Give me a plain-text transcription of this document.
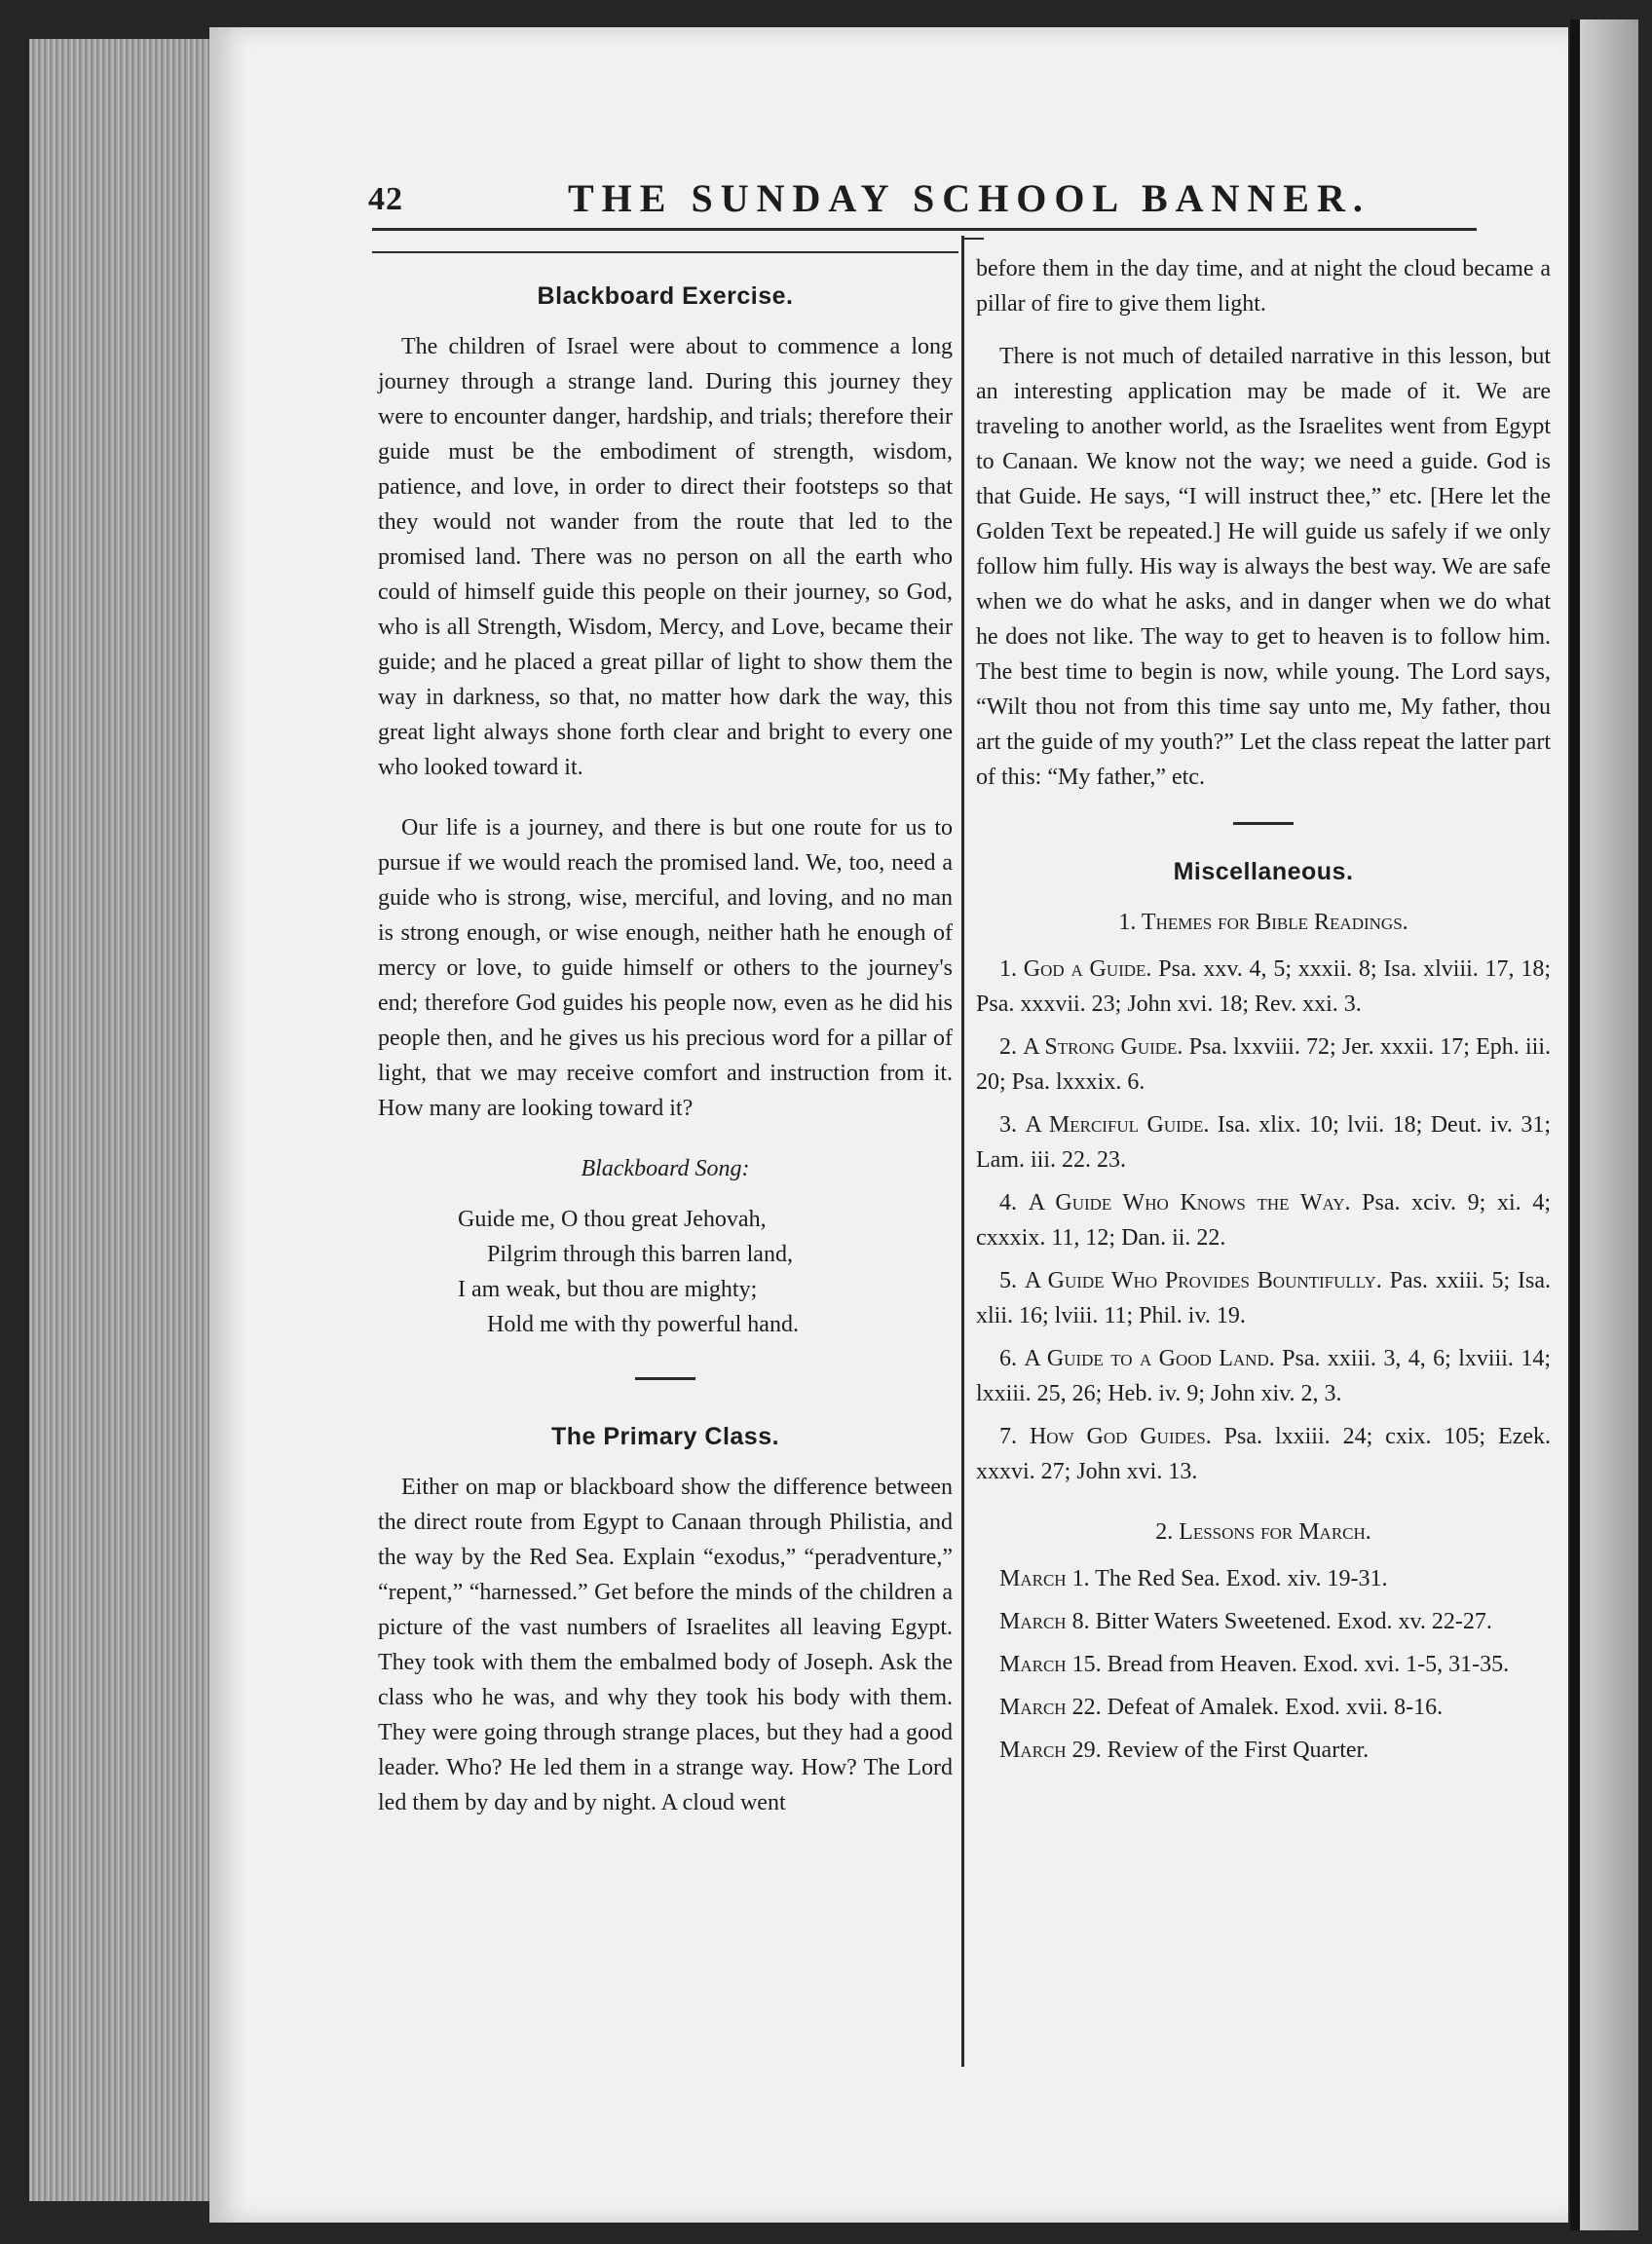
42	THE SUNDAY SCHOOL BANNER.
Blackboard Exercise.

The children of Israel were about to commence a long journey through a strange land. During this journey they were to encounter danger, hardship, and trials; therefore their guide must be the embodiment of strength, wisdom, patience, and love, in order to direct their footsteps so that they would not wander from the route that led to the promised land. There was no person on all the earth who could of himself guide this people on their journey, so God, who is all Strength, Wisdom, Mercy, and Love, became their guide; and he placed a great pillar of light to show them the way in darkness, so that, no matter how dark the way, this great light always shone forth clear and bright to every one who looked toward it.

Our life is a journey, and there is but one route for us to pursue if we would reach the promised land. We, too, need a guide who is strong, wise, merciful, and loving, and no man is strong enough, or wise enough, neither hath he enough of mercy or love, to guide himself or others to the journey's end; therefore God guides his people now, even as he did his people then, and he gives us his precious word for a pillar of light, that we may receive comfort and instruction from it. How many are looking toward it?

Blackboard Song:
Guide me, O thou great Jehovah,
Pilgrim through this barren land,
I am weak, but thou are mighty;
Hold me with thy powerful hand.
The Primary Class.

Either on map or blackboard show the difference between the direct route from Egypt to Canaan through Philistia, and the way by the Red Sea. Explain “exodus,” “peradventure,” “repent,” “harnessed.” Get before the minds of the children a picture of the vast numbers of Israelites all leaving Egypt. They took with them the embalmed body of Joseph. Ask the class who he was, and why they took his body with them. They were going through strange places, but they had a good leader. Who? He led them in a strange way. How? The Lord led them by day and by night. A cloud went

before them in the day time, and at night the cloud became a pillar of fire to give them light.

There is not much of detailed narrative in this lesson, but an interesting application may be made of it. We are traveling to another world, as the Israelites went from Egypt to Canaan. We know not the way; we need a guide. God is that Guide. He says, “I will instruct thee,” etc. [Here let the Golden Text be repeated.] He will guide us safely if we only follow him fully. His way is always the best way. We are safe when we do what he asks, and in danger when we do what he does not like. The way to get to heaven is to follow him. The best time to begin is now, while young. The Lord says, “Wilt thou not from this time say unto me, My father, thou art the guide of my youth?” Let the class repeat the latter part of this: “My father,” etc.

Miscellaneous.
1. Themes for Bible Readings.
1. God a Guide. Psa. xxv. 4, 5; xxxii. 8; Isa. xlviii. 17, 18; Psa. xxxvii. 23; John xvi. 18; Rev. xxi. 3.
2. A Strong Guide. Psa. lxxviii. 72; Jer. xxxii. 17; Eph. iii. 20; Psa. lxxxix. 6.
3. A Merciful Guide. Isa. xlix. 10; lvii. 18; Deut. iv. 31; Lam. iii. 22. 23.
4. A Guide Who Knows the Way. Psa. xciv. 9; xi. 4; cxxxix. 11, 12; Dan. ii. 22.
5. A Guide Who Provides Bountifully. Pas. xxiii. 5; Isa. xlii. 16; lviii. 11; Phil. iv. 19.
6. A Guide to a Good Land. Psa. xxiii. 3, 4, 6; lxviii. 14; lxxiii. 25, 26; Heb. iv. 9; John xiv. 2, 3.
7. How God Guides. Psa. lxxiii. 24; cxix. 105; Ezek. xxxvi. 27; John xvi. 13.
2. Lessons for March.
March 1. The Red Sea. Exod. xiv. 19-31.
March 8. Bitter Waters Sweetened. Exod. xv. 22-27.
March 15. Bread from Heaven. Exod. xvi. 1-5, 31-35.
March 22. Defeat of Amalek. Exod. xvii. 8-16.
March 29. Review of the First Quarter.
